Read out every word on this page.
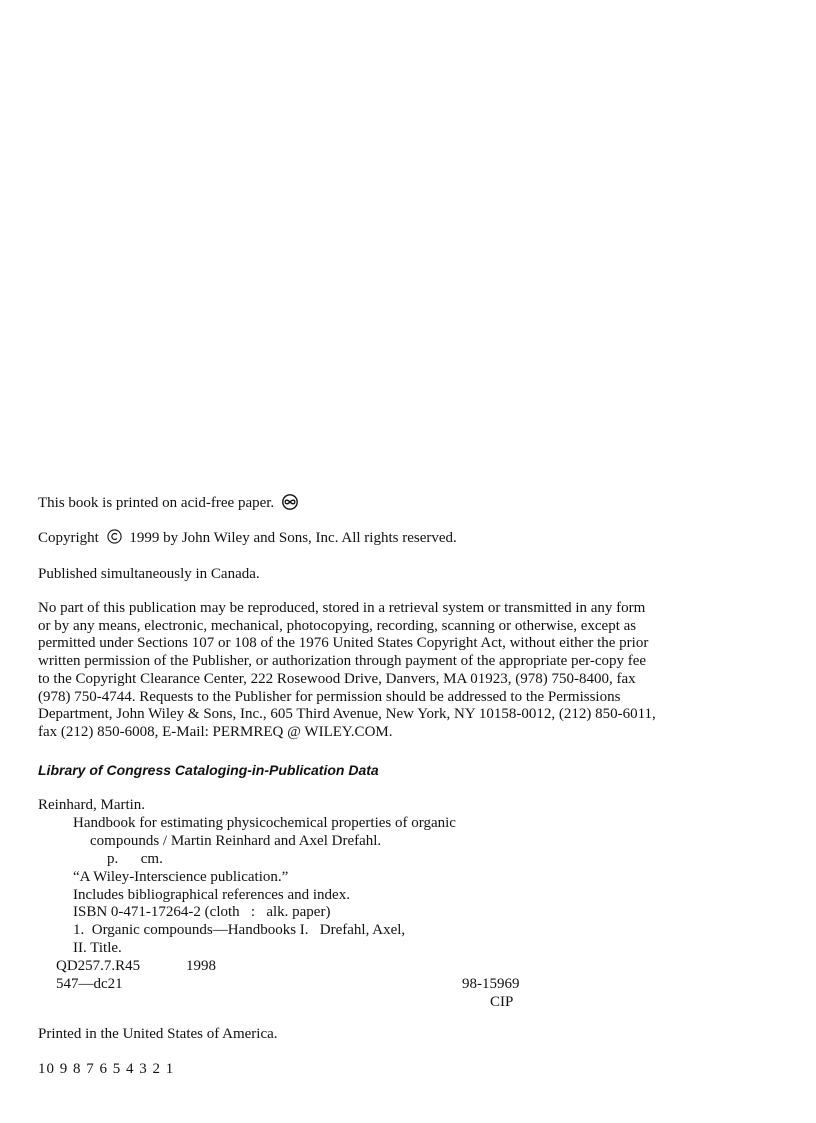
This book is printed on acid-free paper.
Copyright 1999 by John Wiley and Sons, Inc. All rights reserved.
Published simultaneously in Canada.
No part of this publication may be reproduced, stored in a retrieval system or transmitted in any form
or by any means, electronic, mechanical, photocopying, recording, scanning or otherwise, except as
permitted under Sections 107 or 108 of the 1976 United States Copyright Act, without either the prior
written permission of the Publisher, or authorization through payment of the appropriate per-copy fee
to the Copyright Clearance Center, 222 Rosewood Drive, Danvers, MA 01923, (978) 750-8400, fax
(978) 750-4744. Requests to the Publisher for permission should be addressed to the Permissions
Department, John Wiley & Sons, Inc., 605 Third Avenue, New York, NY 10158-0012, (212) 850-6011,
fax (212) 850-6008, E-Mail: PERMREQ @ WILEY.COM.
Library of Congress Cataloging-in-Publication Data
Reinhard, Martin.
Handbook for estimating physicochemical properties of organic
compounds / Martin Reinhard and Axel Drefahl.
p.      cm.
“A Wiley-Interscience publication.”
Includes bibliographical references and index.
ISBN 0-471-17264-2 (cloth   :   alk. paper)
1.  Organic compounds—Handbooks I.   Drefahl, Axel,
II. Title.
QD257.7.R45	1998
547—dc21	98-15969
CIP
Printed in the United States of America.
10 9 8 7 6 5 4 3 2 1
